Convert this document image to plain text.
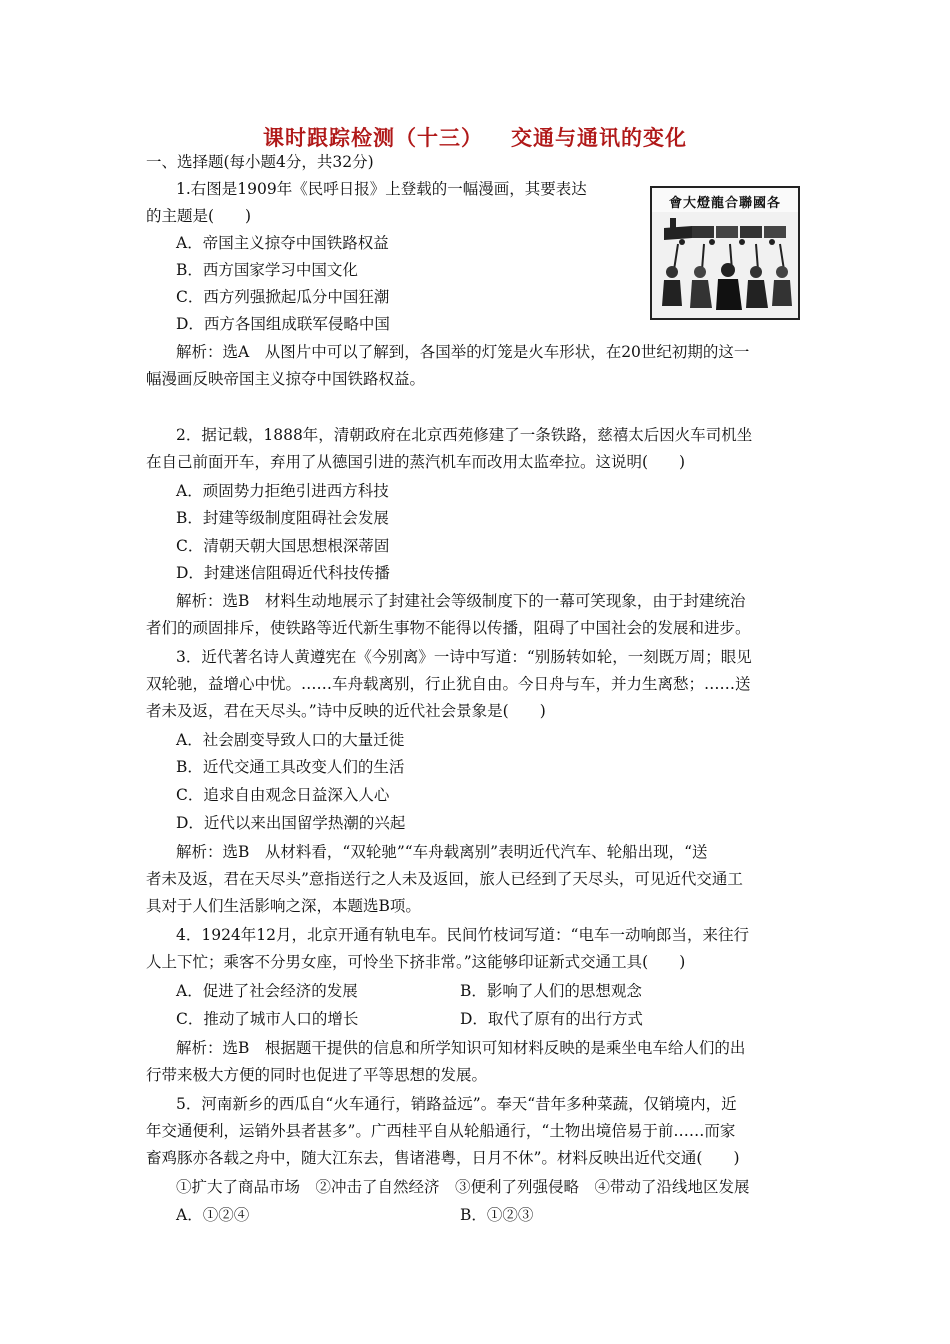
课时跟踪检测（十三） 交通与通讯的变化
一、选择题(每小题4分，共32分)
1.右图是1909年《民呼日报》上登载的一幅漫画，其要表达
的主题是(　　)
A．帝国主义掠夺中国铁路权益
B．西方国家学习中国文化
C．西方列强掀起瓜分中国狂潮
D．西方各国组成联军侵略中国
解析：选A　从图片中可以了解到，各国举的灯笼是火车形状，在20世纪初期的这一
幅漫画反映帝国主义掠夺中国铁路权益。
會大燈龍合聯國各
2．据记载，1888年，清朝政府在北京西苑修建了一条铁路，慈禧太后因火车司机坐
在自己前面开车，弃用了从德国引进的蒸汽机车而改用太监牵拉。这说明(　　)
A．顽固势力拒绝引进西方科技
B．封建等级制度阻碍社会发展
C．清朝天朝大国思想根深蒂固
D．封建迷信阻碍近代科技传播
解析：选B　材料生动地展示了封建社会等级制度下的一幕可笑现象，由于封建统治
者们的顽固排斥，使铁路等近代新生事物不能得以传播，阻碍了中国社会的发展和进步。
3．近代著名诗人黄遵宪在《今别离》一诗中写道：“别肠转如轮，一刻既万周；眼见
双轮驰，益增心中忧。……车舟载离别，行止犹自由。今日舟与车，并力生离愁；……送
者未及返，君在天尽头。”诗中反映的近代社会景象是(　　)
A．社会剧变导致人口的大量迁徙
B．近代交通工具改变人们的生活
C．追求自由观念日益深入人心
D．近代以来出国留学热潮的兴起
解析：选B　从材料看，“双轮驰”“车舟载离别”表明近代汽车、轮船出现，“送
者未及返，君在天尽头”意指送行之人未及返回，旅人已经到了天尽头，可见近代交通工
具对于人们生活影响之深，本题选B项。
4．1924年12月，北京开通有轨电车。民间竹枝词写道：“电车一动响郎当，来往行
人上下忙；乘客不分男女座，可怜坐下挤非常。”这能够印证新式交通工具(　　)
A．促进了社会经济的发展	B．影响了人们的思想观念
C．推动了城市人口的增长	D．取代了原有的出行方式
解析：选B　根据题干提供的信息和所学知识可知材料反映的是乘坐电车给人们的出
行带来极大方便的同时也促进了平等思想的发展。
5．河南新乡的西瓜自“火车通行，销路益远”。奉天“昔年多种菜蔬，仅销境内，近
年交通便利，运销外县者甚多”。广西桂平自从轮船通行，“土物出境倍易于前……而家
畜鸡豚亦各载之舟中，随大江东去，售诸港粤，日月不休”。材料反映出近代交通(　　)
①扩大了商品市场　②冲击了自然经济　③便利了列强侵略　④带动了沿线地区发展
A．①②④	B．①②③
